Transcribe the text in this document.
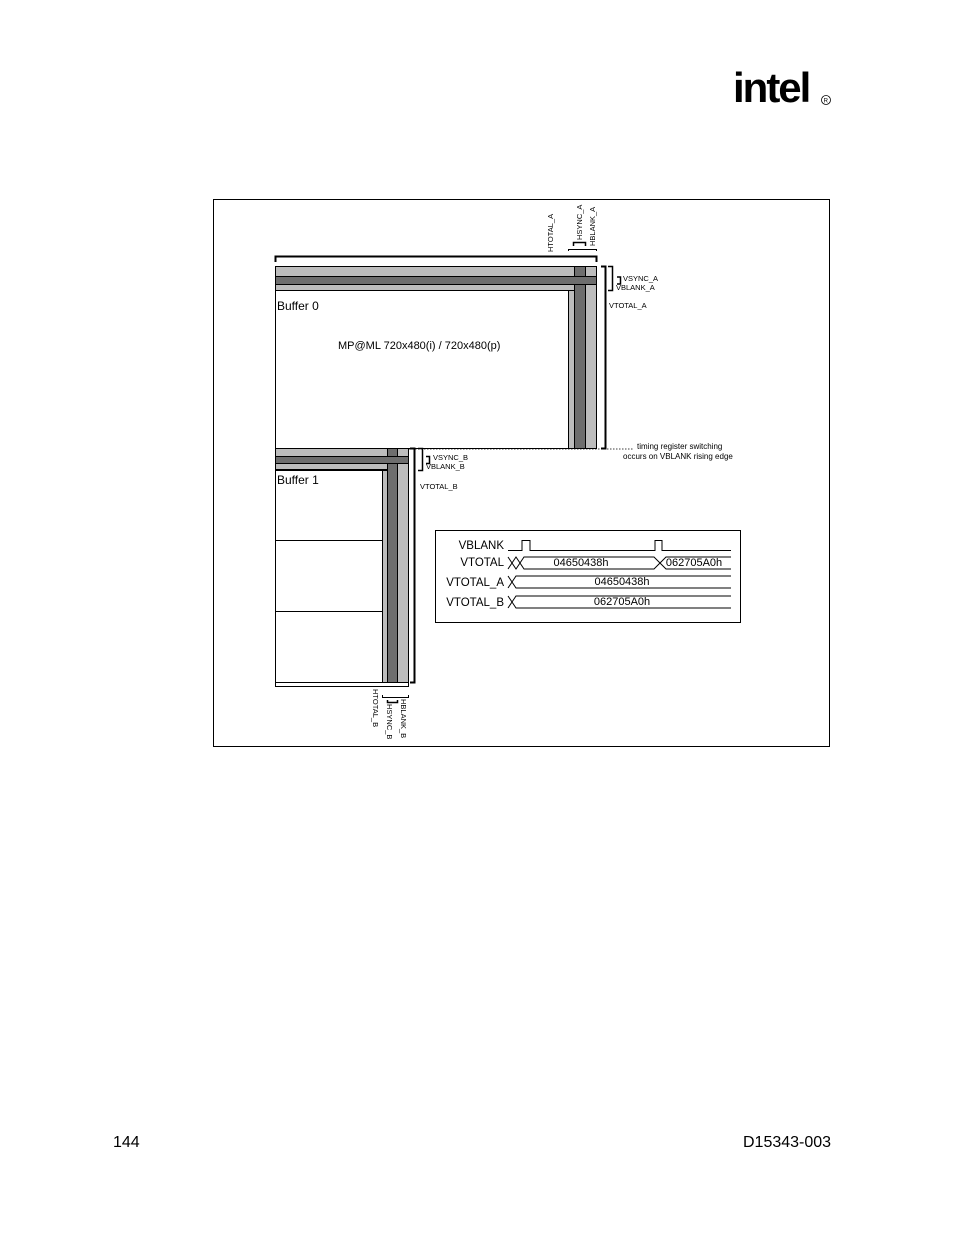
intel R
HTOTAL_A	HSYNC_A HBLANK_A
VSYNC_A
VBLANK_A
VTOTAL_A
Buffer 0
MP@ML 720x480(i) / 720x480(p)
timing register switching
occurs on VBLANK rising edge
Buffer 1
VSYNC_B
VBLANK_B
VTOTAL_B
HTOTAL_B HSYNC_B HBLANK_B
VBLANK
VTOTAL
VTOTAL_A
VTOTAL_B
04650438h	062705A0h
04650438h
062705A0h
144	D15343-003
